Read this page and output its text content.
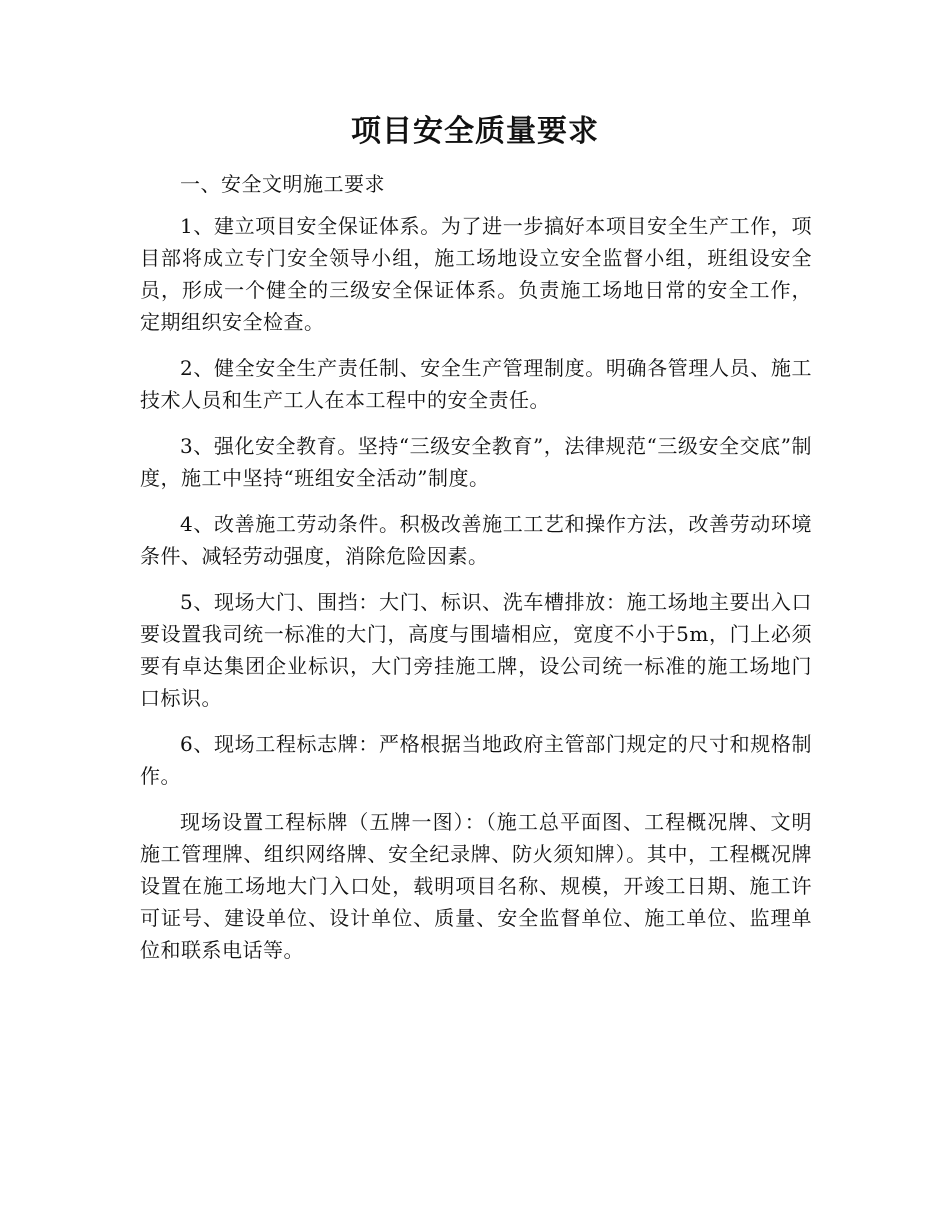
项目安全质量要求

一、安全文明施工要求

1、建立项目安全保证体系。为了进一步搞好本项目安全生产工作，项目部将成立专门安全领导小组，施工场地设立安全监督小组，班组设安全员，形成一个健全的三级安全保证体系。负责施工场地日常的安全工作，定期组织安全检查。

2、健全安全生产责任制、安全生产管理制度。明确各管理人员、施工技术人员和生产工人在本工程中的安全责任。

3、强化安全教育。坚持“三级安全教育”，法律规范“三级安全交底”制度，施工中坚持“班组安全活动”制度。

4、改善施工劳动条件。积极改善施工工艺和操作方法，改善劳动环境条件、减轻劳动强度，消除危险因素。

5、现场大门、围挡：大门、标识、洗车槽排放：施工场地主要出入口要设置我司统一标准的大门，高度与围墙相应，宽度不小于5m，门上必须要有卓达集团企业标识，大门旁挂施工牌，设公司统一标准的施工场地门口标识。

6、现场工程标志牌：严格根据当地政府主管部门规定的尺寸和规格制作。

现场设置工程标牌（五牌一图）：（施工总平面图、工程概况牌、文明施工管理牌、组织网络牌、安全纪录牌、防火须知牌）。其中，工程概况牌设置在施工场地大门入口处，载明项目名称、规模，开竣工日期、施工许可证号、建设单位、设计单位、质量、安全监督单位、施工单位、监理单位和联系电话等。
